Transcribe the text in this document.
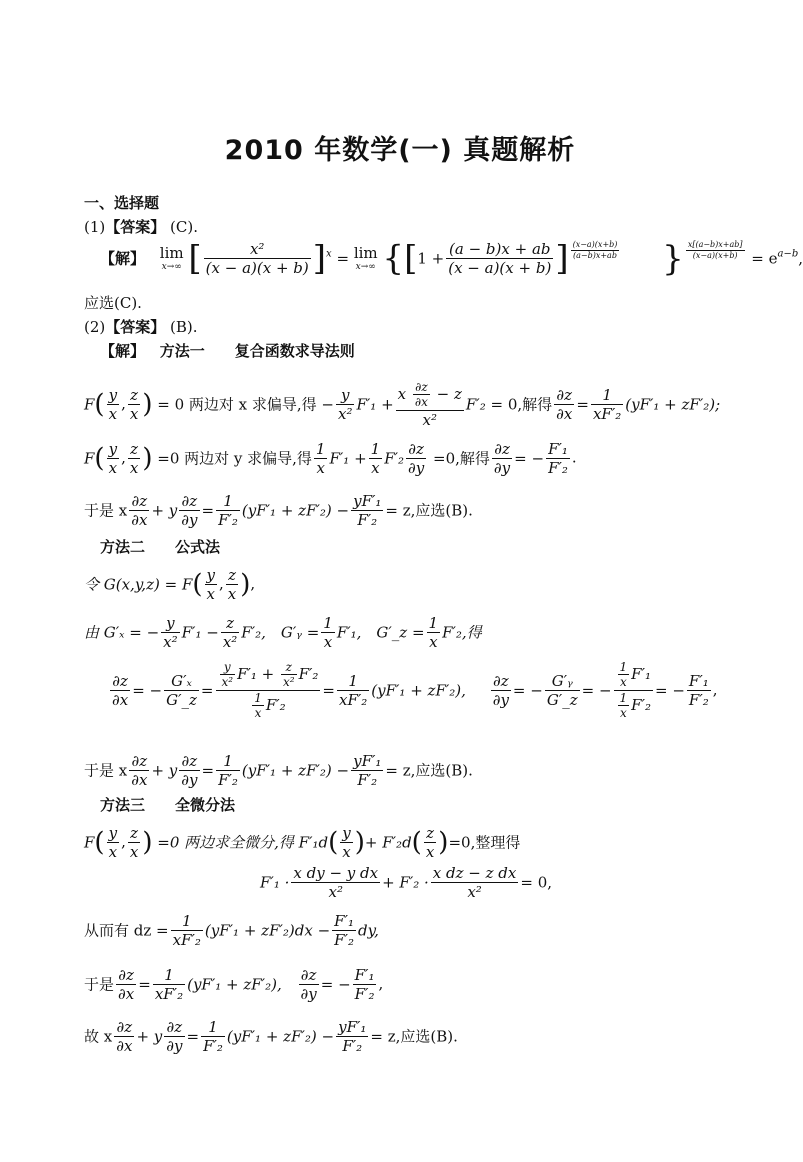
2010 年数学(一) 真题解析
一、选择题
(1)【答案】 (C).
【解】 lim
x→∞ [ $\frac{\text{x²}}{(x - a)(x + b)} ]^x = \lim$
x→∞ {[$1 + \frac{(a - b)x + ab}{(x - a)(x + b)}$ ] $\frac{(x-a)(x+b)}{(a-b)x+ab}$ } $\frac{x[(a-b)x+ab]}{(x-a)(x+b)} = e^{a-b}$,
应选(C).
(2)【答案】 (B).
【解】 方法一　　复合函数求导法则
$F( \frac{y}{x}$ , $\frac{z}{x}$ ) = 0 两边对 x 求偏导,得 − $\frac{y}{\text{x²}} F'_1 + \frac{x \frac{\partial z}{\partial x} - z}{\text{x²}} F'_2 = 0$,解得 $\frac{\partial z}{\partial x} = \frac{1}{\text{xF′₂}} (yF'_1 + zF'_2)$;
$F( \frac{y}{x}$ , $\frac{z}{x}$ ) =0 两边对 y 求偏导,得 $\frac{1}{x} F'_1 + \frac{1}{x} F'_2 \frac{\partial z}{\partial y} =0$,解得 $\frac{\partial z}{\partial y}$ = − $\frac{\text{F′₁}}{\text{F′₂}}$ .
于是 x $\frac{\partial z}{\partial x} + y \frac{\partial z}{\partial y} = \frac{1}{\text{F′₂}} (yF'_1 + zF'_2) - \frac{\text{yF′₁}}{\text{F′₂}} = z$,应选(B).
方法二　　公式法
令 $G(x,y,z) = F( \frac{y}{x}$ , $\frac{z}{x}$ ),
由 G′ₓ = − $\frac{y}{\text{x²}} F'_1 - \frac{z}{\text{x²}} F'_2$,　G′ᵧ = $\frac{1}{x} F'_1$,　G′_z = $\frac{1}{x} F'_2$,得
$\frac{\partial z}{\partial x}$ = − $\frac{\text{G′ₓ}}{G'\_z} = \frac{\frac{y}{\text{x²}} F'_1 + \frac{z}{\text{x²}} F'_2}{\frac{1}{x} F'_2} = \frac{1}{\text{xF′₂}} (yF'_1 + zF'_2)$, $\frac{\partial z}{\partial y}$ = − $\frac{\text{G′ᵧ}}{G'\_z}$ = − $\frac{\frac{1}{x} F'_1}{\frac{1}{x} F'_2}$ = − $\frac{\text{F′₁}}{\text{F′₂}}$ ,
于是 x $\frac{\partial z}{\partial x} + y \frac{\partial z}{\partial y} = \frac{1}{\text{F′₂}} (yF'_1 + zF'_2) - \frac{\text{yF′₁}}{\text{F′₂}} = z$,应选(B).
方法三　　全微分法
$F( \frac{y}{x}$ , $\frac{z}{x}$ ) =0 两边求全微分,得 $F'_1d( \frac{y}{x}$ )+ $F'_2d( \frac{z}{x} )=0$,整理得
$F'_1 \cdot \frac{\text{x dy − y dx}}{\text{x²}} + F'_2 \cdot \frac{\text{x dz − z dx}}{\text{x²}} = 0$,
从而有 dz = $\frac{1}{\text{xF′₂}} (yF'_1 + zF'_2)dx - \frac{\text{F′₁}}{\text{F′₂}}$ dy,
于是 $\frac{\partial z}{\partial x} = \frac{1}{\text{xF′₂}} (yF'_1 + zF'_2)$, $\frac{\partial z}{\partial y}$ = − $\frac{\text{F′₁}}{\text{F′₂}}$ ,
故 x $\frac{\partial z}{\partial x} + y \frac{\partial z}{\partial y} = \frac{1}{\text{F′₂}} (yF'_1 + zF'_2) - \frac{\text{yF′₁}}{\text{F′₂}} = z$,应选(B).
